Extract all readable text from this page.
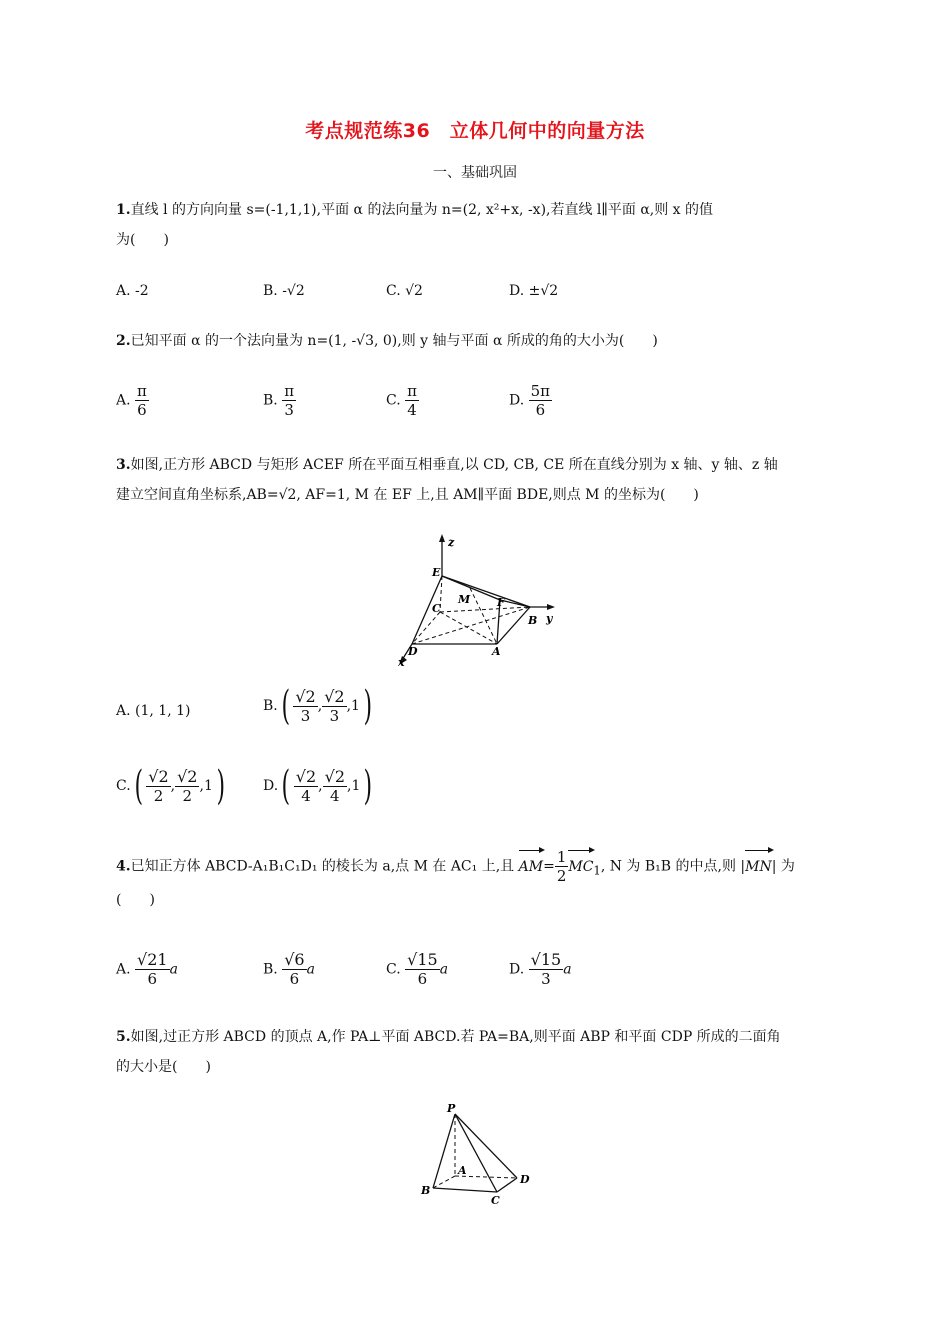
考点规范练36　立体几何中的向量方法
一、基础巩固
1.直线 l 的方向向量 s=(-1,1,1),平面 α 的法向量为 n=(2, x²+x, -x),若直线 l∥平面 α,则 x 的值
为(　　)
A. -2	B. -√2	C. √2	D. ±√2
2.已知平面 α 的一个法向量为 n=(1, -√3, 0),则 y 轴与平面 α 所成的角的大小为(　　)
A. $\frac{\pi}{6}$	B. $\frac{\pi}{3}$	C. $\frac{\pi}{4}$	D. $\frac{5\pi}{6}$
3.如图,正方形 ABCD 与矩形 ACEF 所在平面互相垂直,以 CD, CB, CE 所在直线分别为 x 轴、y 轴、z 轴
建立空间直角坐标系,AB=√2, AF=1, M 在 EF 上,且 AM∥平面 BDE,则点 M 的坐标为(　　)
z
E
M F
C
B y
D	A
x
A. (1, 1, 1)	$B.( \frac{√2}{3}$ , $\frac{√2}{3} ,1$)
$C.( \frac{√2}{2}$ , $\frac{√2}{2} ,1$)	$D.( \frac{√2}{4}$ , $\frac{√2}{4} ,1$)
4.已知正方体 ABCD-A₁B₁C₁D₁ 的棱长为 a,点 M 在 AC₁ 上,且 $AM= \frac{1}{2} MC_1$, N 为 B₁B 的中点,则 |MN| 为
(　　)
A. $\frac{√21}{6}$ a	B. $\frac{√6}{6}$ a	C. $\frac{√15}{6}$ a	D. $\frac{√15}{3}$ a
5.如图,过正方形 ABCD 的顶点 A,作 PA⊥平面 ABCD.若 PA=BA,则平面 ABP 和平面 CDP 所成的二面角
的大小是(　　)
P
A
B
C
D
